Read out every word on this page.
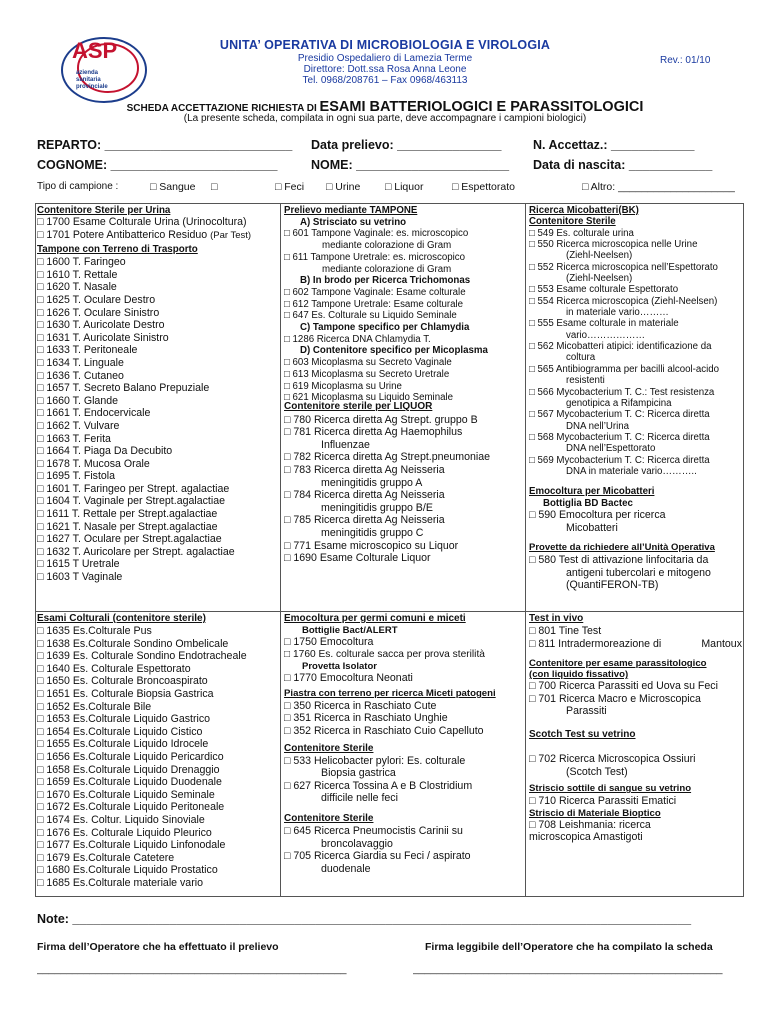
ASP
azienda
sanitaria
provinciale
UNITA’ OPERATIVA DI MICROBIOLOGIA E VIROLOGIA
Presidio Ospedaliero di Lamezia Terme
Direttore: Dott.ssa Rosa Anna Leone
Tel. 0968/208761 – Fax 0968/463113
Rev.: 01/10
SCHEDA ACCETTAZIONE RICHIESTA DI ESAMI BATTERIOLOGICI E PARASSITOLOGICI
(La presente scheda, compilata in ogni sua parte, deve accompagnare i campioni biologici)
REPARTO: ___________________________ Data prelievo: _______________	N. Accettaz.: ____________
COGNOME: ________________________	NOME: ______________________ Data di nascita: ____________
Tipo di campione :	□ Sangue □	□ Feci □ Urine □ Liquor	□ Espettorato	□ Altro: ____________________
Contenitore Sterile per Urina
□ 1700 Esame Colturale Urina (Urinocoltura)
□ 1701 Potere Antibatterico Residuo (Par Test)
Tampone con Terreno di Trasporto
□ 1600 T. Faringeo
□ 1610 T. Rettale
□ 1620 T. Nasale
□ 1625 T. Oculare Destro
□ 1626 T. Oculare Sinistro
□ 1630 T. Auricolate Destro
□ 1631 T. Auricolate Sinistro
□ 1633 T. Peritoneale
□ 1634 T. Linguale
□ 1636 T. Cutaneo
□ 1657 T. Secreto Balano Prepuziale
□ 1660 T. Glande
□ 1661 T. Endocervicale
□ 1662 T. Vulvare
□ 1663 T. Ferita
□ 1664 T. Piaga Da Decubito
□ 1678 T. Mucosa Orale
□ 1695 T. Fistola
□ 1601 T. Faringeo per Strept. agalactiae
□ 1604 T. Vaginale per Strept.agalactiae
□ 1611 T. Rettale per Strept.agalactiae
□ 1621 T. Nasale per Strept.agalactiae
□ 1627 T. Oculare per Strept.agalactiae
□ 1632 T. Auricolare per Strept. agalactiae
□ 1615 T Uretrale
□ 1603 T Vaginale
Prelievo mediante TAMPONE
A) Strisciato su vetrino
□ 601 Tampone Vaginale: es. microscopico
mediante colorazione di Gram
□ 611 Tampone Uretrale: es. microscopico
mediante colorazione di Gram
B) In brodo per Ricerca Trichomonas
□ 602 Tampone Vaginale: Esame colturale
□ 612 Tampone Uretrale: Esame colturale
□ 647 Es. Colturale su Liquido Seminale
C) Tampone specifico per Chlamydia
□ 1286 Ricerca DNA Chlamydia T.
D) Contenitore specifico per Micoplasma
□ 603 Micoplasma su Secreto Vaginale
□ 613 Micoplasma su Secreto Uretrale
□ 619 Micoplasma su Urine
□ 621 Micoplasma su Liquido Seminale
Contenitore sterile per LIQUOR
□ 780 Ricerca diretta Ag Strept. gruppo B
□ 781 Ricerca diretta Ag Haemophilus
Influenzae
□ 782 Ricerca diretta Ag Strept.pneumoniae
□ 783 Ricerca diretta Ag Neisseria
meningitidis gruppo A
□ 784 Ricerca diretta Ag Neisseria
meningitidis gruppo B/E
□ 785 Ricerca diretta Ag Neisseria
meningitidis gruppo C
□ 771 Esame microscopico su Liquor
□ 1690 Esame Colturale Liquor
Ricerca Micobatteri(BK)
Contenitore Sterile
□ 549 Es. colturale urina
□ 550 Ricerca microscopica nelle Urine
(Ziehl-Neelsen)
□ 552 Ricerca microscopica nell’Espettorato
(Ziehl-Neelsen)
□ 553 Esame colturale Espettorato
□ 554 Ricerca microscopica (Ziehl-Neelsen)
in materiale vario………
□ 555 Esame colturale in materiale
vario………………
□ 562 Micobatteri atipici: identificazione da
coltura
□ 565 Antibiogramma per bacilli alcool-acido
resistenti
□ 566 Mycobacterium T. C.: Test resistenza
genotipica a Rifampicina
□ 567 Mycobacterium T. C: Ricerca diretta
DNA nell’Urina
□ 568 Mycobacterium T. C: Ricerca diretta
DNA nell’Espettorato
□ 569 Mycobacterium T. C: Ricerca diretta
DNA in materiale vario………..
Emocoltura per Micobatteri
Bottiglia BD Bactec
□ 590 Emocoltura per ricerca
Micobatteri
Provette da richiedere all’Unità Operativa
□ 580 Test di attivazione linfocitaria da
antigeni tubercolari e mitogeno
(QuantiFERON-TB)
Esami Colturali (contenitore sterile)
□ 1635 Es.Colturale Pus
□ 1638 Es.Colturale Sondino Ombelicale
□ 1639 Es. Colturale Sondino Endotracheale
□ 1640 Es. Colturale Espettorato
□ 1650 Es. Colturale Broncoaspirato
□ 1651 Es. Colturale Biopsia Gastrica
□ 1652 Es.Colturale Bile
□ 1653 Es.Colturale Liquido Gastrico
□ 1654 Es.Colturale Liquido Cistico
□ 1655 Es.Colturale Liquido Idrocele
□ 1656 Es.Colturale Liquido Pericardico
□ 1658 Es.Colturale Liquido Drenaggio
□ 1659 Es.Colturale Liquido Duodenale
□ 1670 Es.Colturale Liquido Seminale
□ 1672 Es.Colturale Liquido Peritoneale
□ 1674 Es. Coltur. Liquido Sinoviale
□ 1676 Es. Colturale Liquido Pleurico
□ 1677 Es.Colturale Liquido Linfonodale
□ 1679 Es.Colturale Catetere
□ 1680 Es.Colturale Liquido Prostatico
□ 1685 Es.Colturale materiale vario
Emocoltura per germi comuni e miceti
Bottiglie Bact/ALERT
□ 1750 Emocoltura
□ 1760 Es. colturale sacca per prova sterilità
Provetta Isolator
□ 1770 Emocoltura Neonati
Piastra con terreno per ricerca Miceti patogeni
□ 350 Ricerca in Raschiato Cute
□ 351 Ricerca in Raschiato Unghie
□ 352 Ricerca in Raschiato Cuio Capelluto
Contenitore Sterile
□ 533 Helicobacter pylori: Es. colturale
Biopsia gastrica
□ 627 Ricerca Tossina A e B Clostridium
difficile nelle feci
Contenitore Sterile
□ 645 Ricerca Pneumocistis Carinii su
broncolavaggio
□ 705 Ricerca Giardia su Feci / aspirato
duodenale
Test in vivo
□ 801 Tine Test
□ 811 Intradermoreazione di	Mantoux
Contenitore per esame parassitologico
(con liquido fissativo)
□ 700 Ricerca Parassiti ed Uova su Feci
□ 701 Ricerca Macro e Microscopica
Parassiti
Scotch Test su vetrino
□ 702 Ricerca Microscopica Ossiuri
(Scotch Test)
Striscio sottile di sangue su vetrino
□ 710 Ricerca Parassiti Ematici
Striscio di Materiale Bioptico
□ 708 Leishmania: ricerca
microscopica Amastigoti
Note: _________________________________________________________________________________________
Firma dell’Operatore che ha effettuato il prelievo	Firma leggibile dell’Operatore che ha compilato la scheda
_____________________________________________________	_____________________________________________________
